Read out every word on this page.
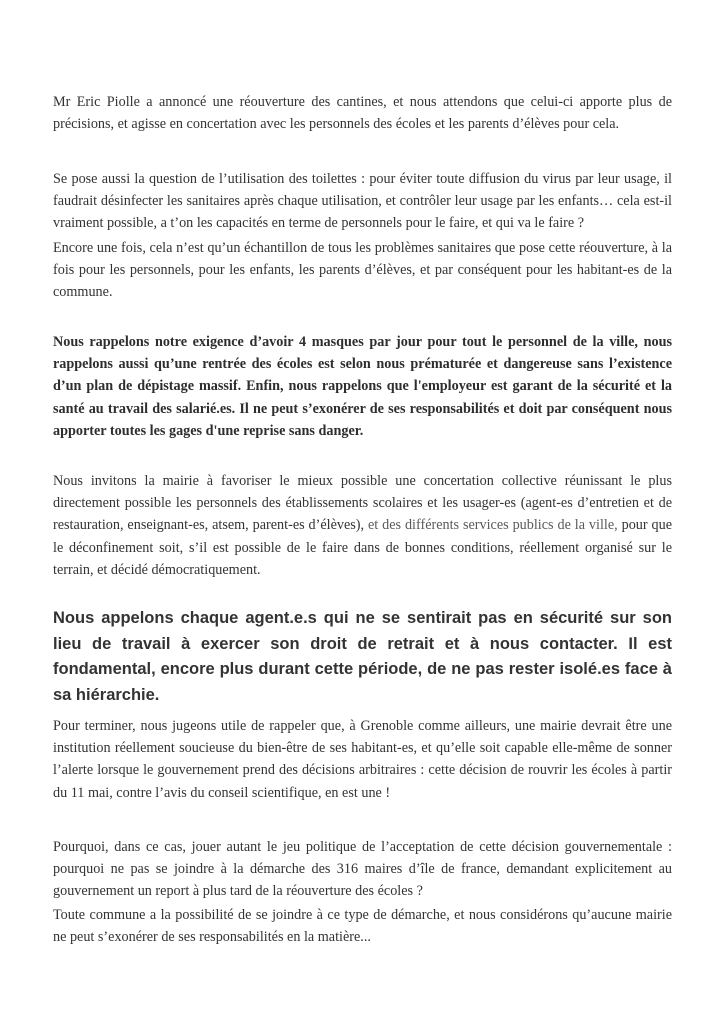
Mr Eric Piolle a annoncé une réouverture des cantines, et nous attendons que celui-ci apporte plus de précisions, et agisse en concertation avec les personnels des écoles et les parents d’élèves pour cela.

Se pose aussi la question de l’utilisation des toilettes : pour éviter toute diffusion du virus par leur usage, il faudrait désinfecter les sanitaires après chaque utilisation, et contrôler leur usage par les enfants… cela est-il vraiment possible, a t’on les capacités en terme de personnels pour le faire, et qui va le faire ?

Encore une fois, cela n’est qu’un échantillon de tous les problèmes sanitaires que pose cette réouverture, à la fois pour les personnels, pour les enfants, les parents d’élèves, et par conséquent pour les habitant-es de la commune.

Nous rappelons notre exigence d’avoir 4 masques par jour pour tout le personnel de la ville, nous rappelons aussi qu’une rentrée des écoles est selon nous prématurée et dangereuse sans l’existence d’un plan de dépistage massif. Enfin, nous rappelons que l'employeur est garant de la sécurité et la santé au travail des salarié.es. Il ne peut s’exonérer de ses responsabilités et doit par conséquent nous apporter toutes les gages d'une reprise sans danger.

Nous invitons la mairie à favoriser le mieux possible une concertation collective réunissant le plus directement possible les personnels des établissements scolaires et les usager-es (agent-es d’entretien et de restauration, enseignant-es, atsem, parent-es d’élèves), et des différents services publics de la ville, pour que le déconfinement soit, s’il est possible de le faire dans de bonnes conditions, réellement organisé sur le terrain, et décidé démocratiquement.

Nous appelons chaque agent.e.s qui ne se sentirait pas en sécurité sur son lieu de travail à exercer son droit de retrait et à nous contacter. Il est fondamental, encore plus durant cette période, de ne pas rester isolé.es face à sa hiérarchie.

Pour terminer, nous jugeons utile de rappeler que, à Grenoble comme ailleurs, une mairie devrait être une institution réellement soucieuse du bien-être de ses habitant-es, et qu’elle soit capable elle-même de sonner l’alerte lorsque le gouvernement prend des décisions arbitraires : cette décision de rouvrir les écoles à partir du 11 mai, contre l’avis du conseil scientifique, en est une !

Pourquoi, dans ce cas, jouer autant le jeu politique de l’acceptation de cette décision gouvernementale : pourquoi ne pas se joindre à la démarche des 316 maires d’île de france, demandant explicitement au gouvernement un report à plus tard de la réouverture des écoles ?

Toute commune a la possibilité de se joindre à ce type de démarche, et nous considérons qu’aucune mairie ne peut s’exonérer de ses responsabilités en la matière...
